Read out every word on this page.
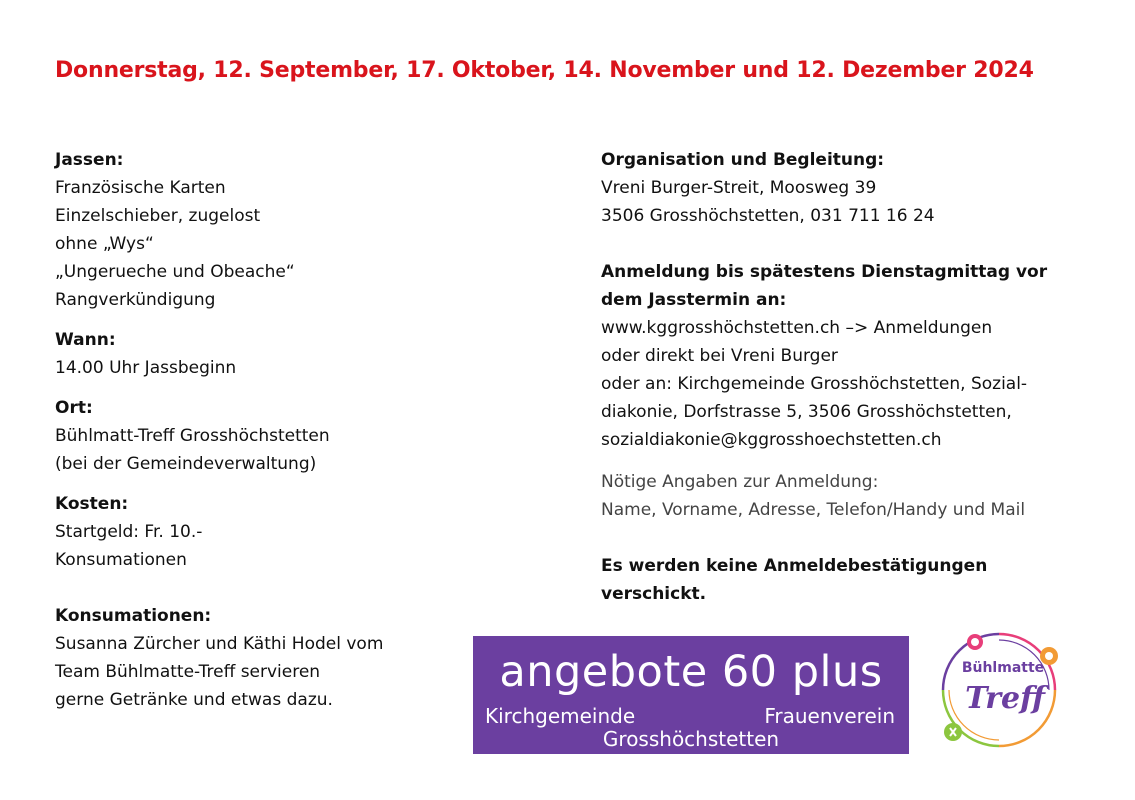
Donnerstag, 12. September, 17. Oktober, 14. November und 12. Dezember 2024
Jassen:
Französische Karten
Einzelschieber, zugelost
ohne „Wys“
„Ungerueche und Obeache“
Rangverkündigung
Wann:
14.00 Uhr Jassbeginn
Ort:
Bühlmatt-Treff Grosshöchstetten
(bei der Gemeindeverwaltung)
Kosten:
Startgeld: Fr. 10.-
Konsumationen
Konsumationen:
Susanna Zürcher und Käthi Hodel vom
Team Bühlmatte-Treff servieren
gerne Getränke und etwas dazu.
Organisation und Begleitung:
Vreni Burger-Streit, Moosweg 39
3506 Grosshöchstetten, 031 711 16 24
Anmeldung bis spätestens Dienstagmittag vor
dem Jasstermin an:
www.kggrosshöchstetten.ch –> Anmeldungen
oder direkt bei Vreni Burger
oder an: Kirchgemeinde Grosshöchstetten, Sozial-
diakonie, Dorfstrasse 5, 3506 Grosshöchstetten,
sozialdiakonie@kggrosshoechstetten.ch
Nötige Angaben zur Anmeldung:
Name, Vorname, Adresse, Telefon/Handy und Mail
Es werden keine Anmeldebestätigungen
verschickt.
angebote 60 plus
Kirchgemeinde	Frauenverein
Grosshöchstetten
Bühlmatte
Treff
